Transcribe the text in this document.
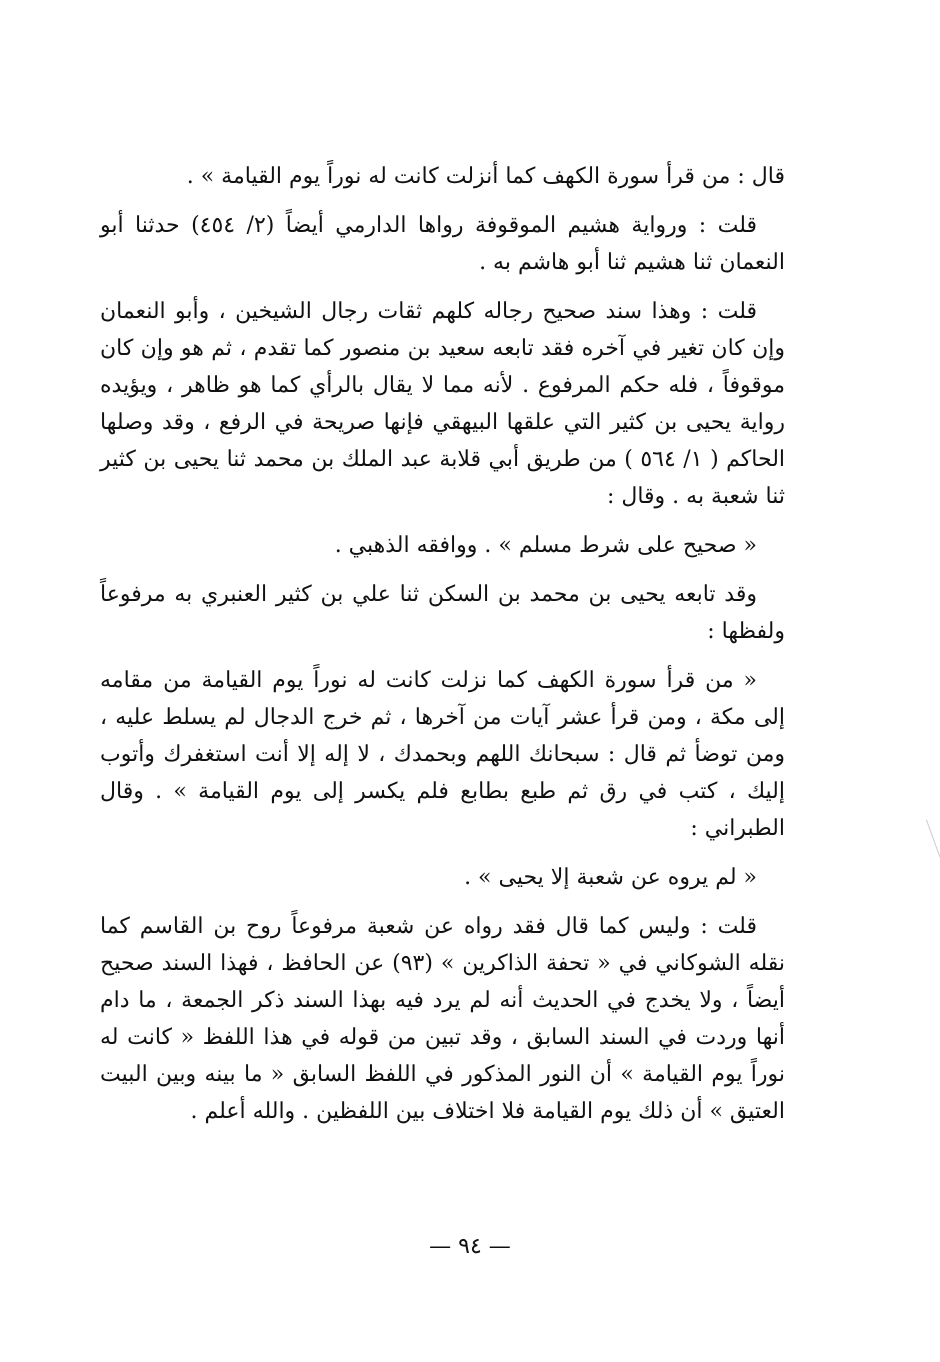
قال : من قرأ سورة الكهف كما أنزلت كانت له نوراً يوم القيامة » .

قلت : ورواية هشيم الموقوفة رواها الدارمي أيضاً (٢/ ٤٥٤) حدثنا أبو النعمان ثنا هشيم ثنا أبو هاشم به .

قلت : وهذا سند صحيح رجاله كلهم ثقات رجال الشيخين ، وأبو النعمان وإن كان تغير في آخره فقد تابعه سعيد بن منصور كما تقدم ، ثم هو وإن كان موقوفاً ، فله حكم المرفوع . لأنه مما لا يقال بالرأي كما هو ظاهر ، ويؤيده رواية يحيى بن كثير التي علقها البيهقي فإنها صريحة في الرفع ، وقد وصلها الحاكم ( ١/ ٥٦٤ ) من طريق أبي قلابة عبد الملك بن محمد ثنا يحيى بن كثير ثنا شعبة به . وقال :

« صحيح على شرط مسلم » . ووافقه الذهبي .

وقد تابعه يحيى بن محمد بن السكن ثنا علي بن كثير العنبري به مرفوعاً ولفظها :

« من قرأ سورة الكهف كما نزلت كانت له نوراً يوم القيامة من مقامه إلى مكة ، ومن قرأ عشر آيات من آخرها ، ثم خرج الدجال لم يسلط عليه ، ومن توضأ ثم قال : سبحانك اللهم وبحمدك ، لا إله إلا أنت استغفرك وأتوب إليك ، كتب في رق ثم طبع بطابع فلم يكسر إلى يوم القيامة » . وقال الطبراني :

« لم يروه عن شعبة إلا يحيى » .

قلت : وليس كما قال فقد رواه عن شعبة مرفوعاً روح بن القاسم كما نقله الشوكاني في « تحفة الذاكرين » (٩٣) عن الحافظ ، فهذا السند صحيح أيضاً ، ولا يخدج في الحديث أنه لم يرد فيه بهذا السند ذكر الجمعة ، ما دام أنها وردت في السند السابق ، وقد تبين من قوله في هذا اللفظ « كانت له نوراً يوم القيامة » أن النور المذكور في اللفظ السابق « ما بينه وبين البيت العتيق » أن ذلك يوم القيامة فلا اختلاف بين اللفظين . والله أعلم .

— ٩٤ —
